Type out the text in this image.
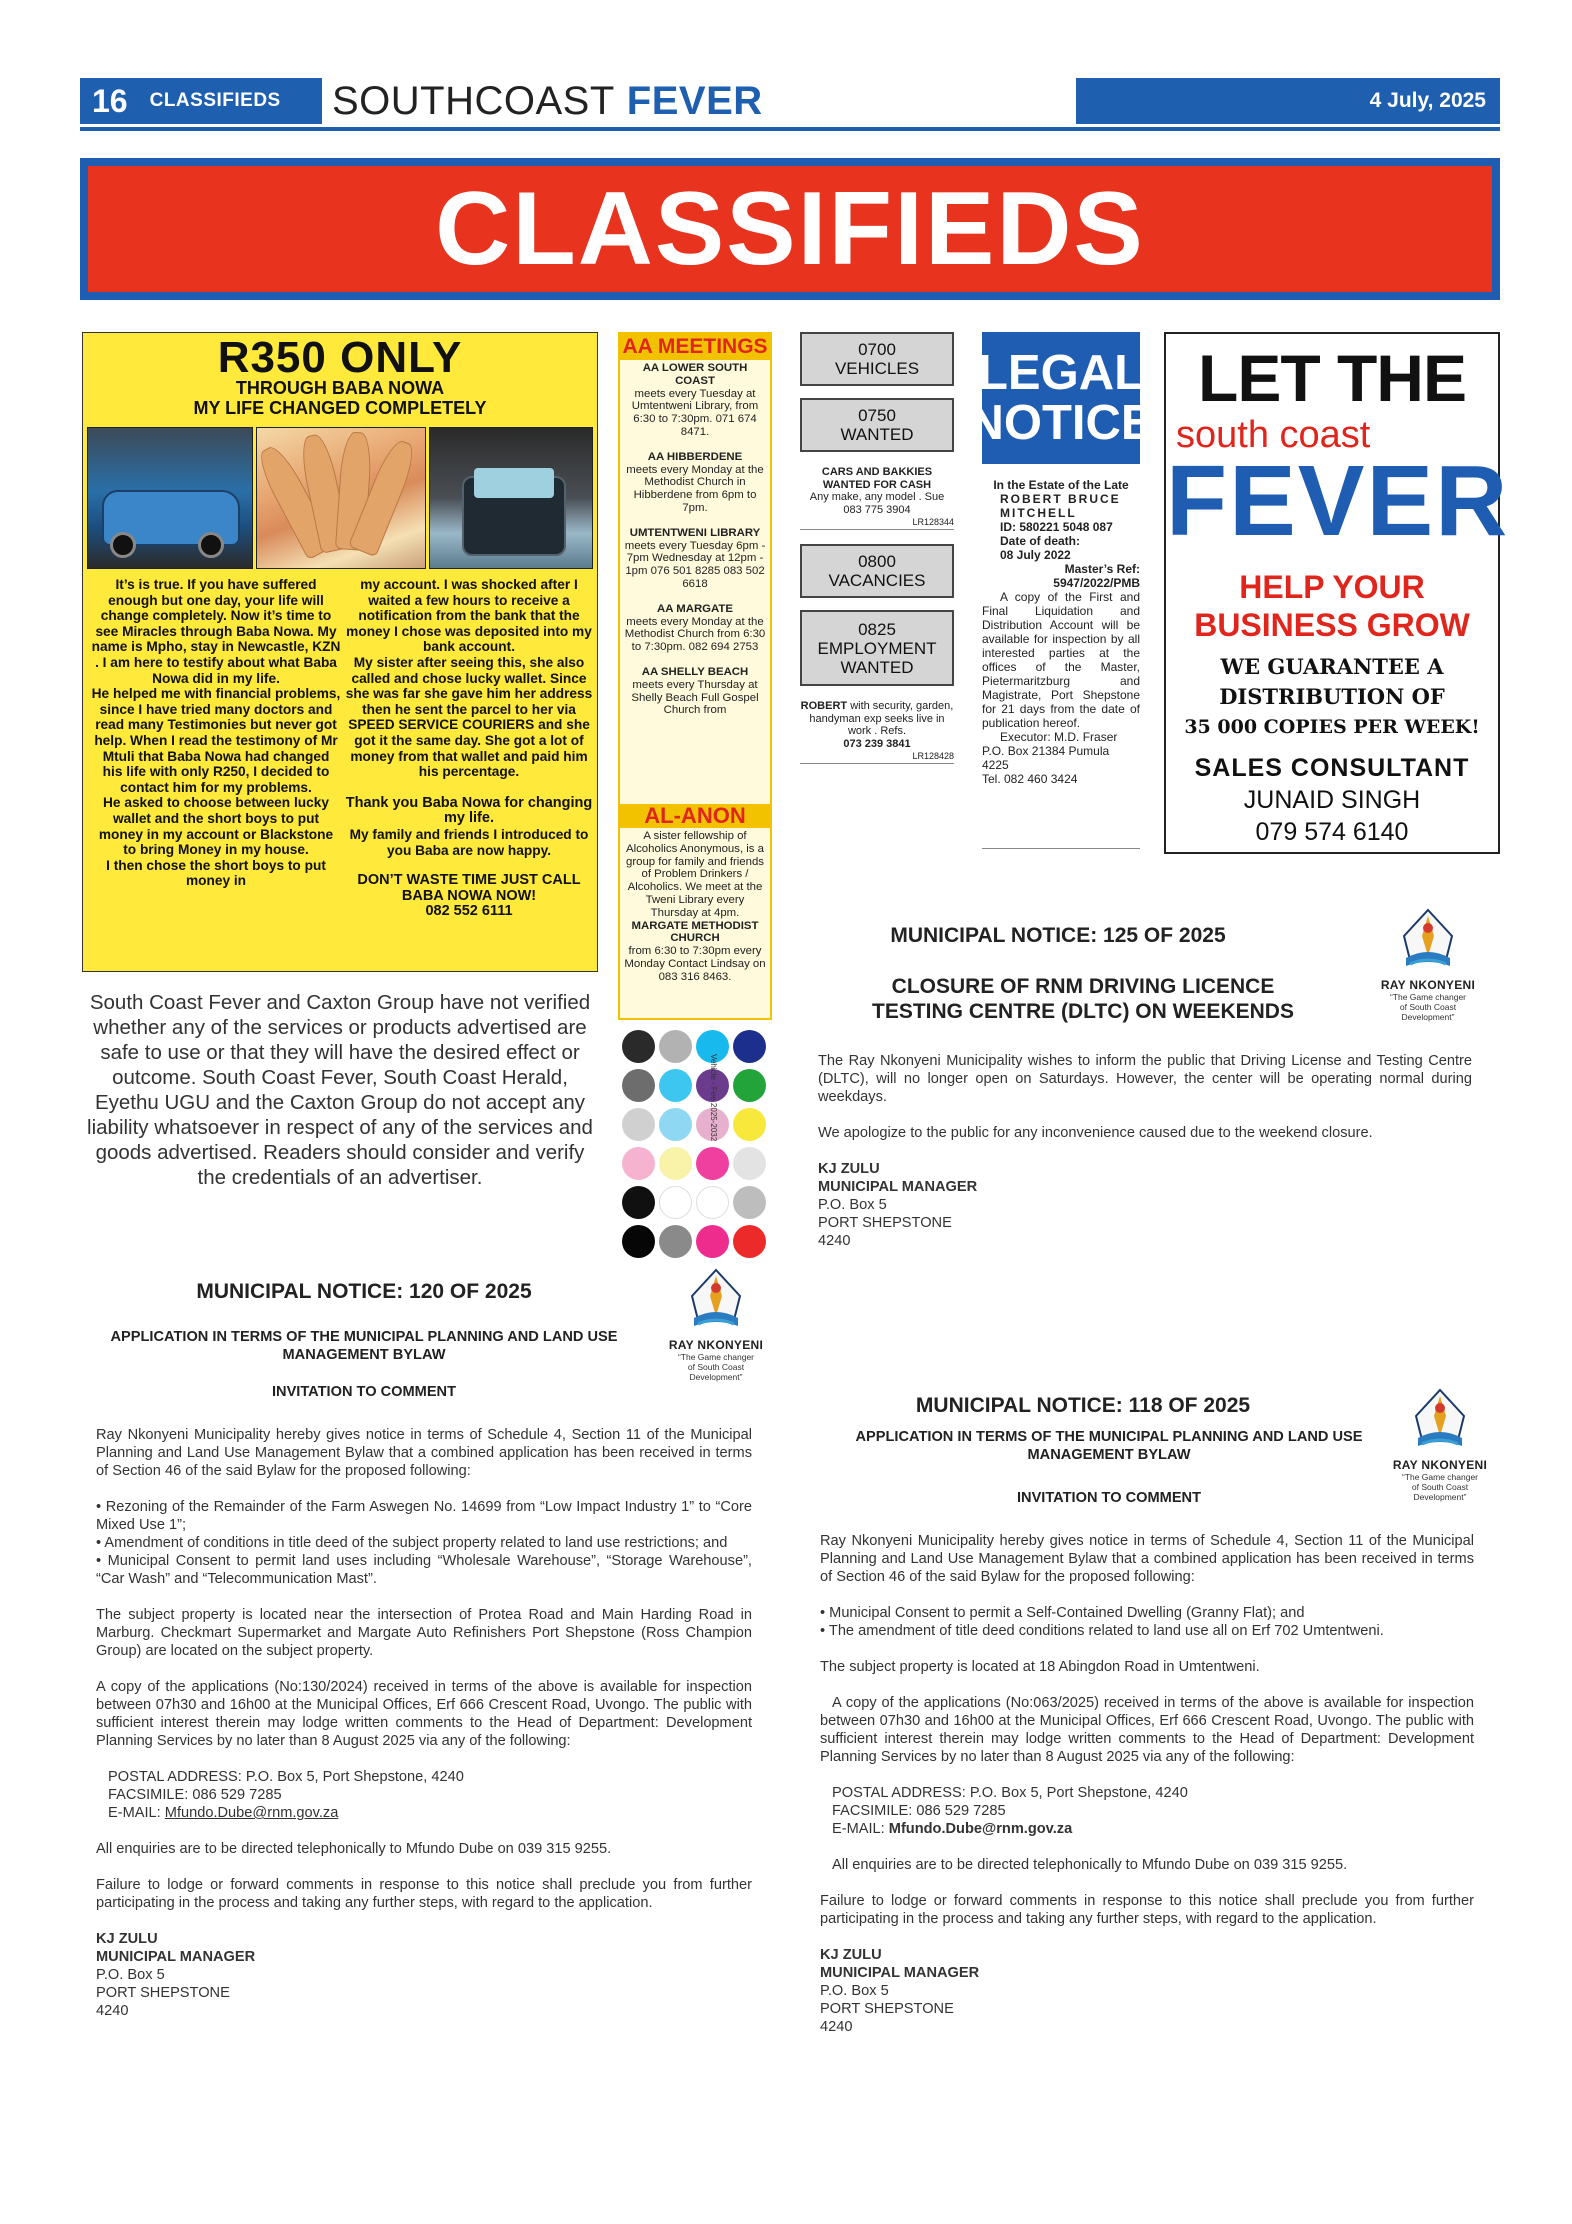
16 CLASSIFIEDS SOUTHCOAST FEVER	4 July, 2025
CLASSIFIEDS
R350 ONLY
THROUGH BABA NOWA
MY LIFE CHANGED COMPLETELY
It’s is true. If you have suffered enough but one day, your life will change completely. Now it’s time to see Miracles through Baba Nowa. My name is Mpho, stay in Newcastle, KZN . I am here to testify about what Baba Nowa did in my life.
He helped me with financial problems, since I have tried many doctors and read many Testimonies but never got help. When I read the testimony of Mr Mtuli that Baba Nowa had changed his life with only R250, I decided to contact him for my problems.
He asked to choose between lucky wallet and the short boys to put money in my account or Blackstone to bring Money in my house.
I then chose the short boys to put money in
my account. I was shocked after I waited a few hours to receive a notification from the bank that the money I chose was deposited into my bank account.
My sister after seeing this, she also called and chose lucky wallet. Since she was far she gave him her address then he sent the parcel to her via SPEED SERVICE COURIERS and she got it the same day. She got a lot of money from that wallet and paid him his percentage.
Thank you Baba Nowa for changing my life.
My family and friends I introduced to you Baba are now happy.
DON’T WASTE TIME JUST CALL BABA NOWA NOW!
082 552 6111
South Coast Fever and Caxton Group have not verified whether any of the services or products advertised are safe to use or that they will have the desired effect or outcome. South Coast Fever, South Coast Herald, Eyethu UGU and the Caxton Group do not accept any liability whatsoever in respect of any of the services and goods advertised. Readers should consider and verify the credentials of an advertiser.
AA MEETINGS
AA LOWER SOUTH COAST
meets every Tuesday at Umtentweni Library, from 6:30 to 7:30pm. 071 674 8471.
AA HIBBERDENE
meets every Monday at the Methodist Church in Hibberdene from 6pm to 7pm.
UMTENTWENI LIBRARY
meets every Tuesday 6pm - 7pm Wednesday at 12pm - 1pm 076 501 8285 083 502 6618
AA MARGATE
meets every Monday at the Methodist Church from 6:30 to 7:30pm. 082 694 2753
AA SHELLY BEACH
meets every Thursday at Shelly Beach Full Gospel Church from
AL-ANON
A sister fellowship of Alcoholics Anonymous, is a group for family and friends of Problem Drinkers / Alcoholics. We meet at the Tweni Library every Thursday at 4pm.
MARGATE METHODIST CHURCH
from 6:30 to 7:30pm every Monday Contact Lindsay on 083 316 8463.
Vehicle - Fee 2025-2032
0700
VEHICLES
0750
WANTED
CARS AND BAKKIES WANTED FOR CASH
Any make, any model . Sue 083 775 3904
LR128344
0800
VACANCIES
0825
EMPLOYMENT
WANTED
ROBERT with security, garden, handyman exp seeks live in work . Refs.
073 239 3841
LR128428
LEGAL
NOTICE
In the Estate of the Late
ROBERT BRUCE MITCHELL
ID: 580221 5048 087
Date of death:
08 July 2022
Master’s Ref:
5947/2022/PMB
A copy of the First and Final Liquidation and Distribution Account will be available for inspection by all interested parties at the offices of the Master, Pietermaritzburg and Magistrate, Port Shepstone for 21 days from the date of publication hereof.
Executor: M.D. Fraser
P.O. Box 21384 Pumula
4225
Tel. 082 460 3424
LET THE
south coast
FEVER
HELP YOUR
BUSINESS GROW
WE GUARANTEE A
DISTRIBUTION OF
35 000 COPIES PER WEEK!
SALES CONSULTANT
JUNAID SINGH
079 574 6140
MUNICIPAL NOTICE: 125 OF 2025
RAY NKONYENI
“The Game changer
of South Coast
Development”
CLOSURE OF RNM DRIVING LICENCE
TESTING CENTRE (DLTC) ON WEEKENDS

The Ray Nkonyeni Municipality wishes to inform the public that Driving License and Testing Centre (DLTC), will no longer open on Saturdays. However, the center will be operating normal during weekdays.

We apologize to the public for any inconvenience caused due to the weekend closure.

KJ ZULU
MUNICIPAL MANAGER
P.O. Box 5
PORT SHEPSTONE
4240
MUNICIPAL NOTICE: 120 OF 2025
RAY NKONYENI
“The Game changer
of South Coast
Development”
APPLICATION IN TERMS OF THE MUNICIPAL PLANNING AND LAND USE MANAGEMENT BYLAW
INVITATION TO COMMENT

Ray Nkonyeni Municipality hereby gives notice in terms of Schedule 4, Section 11 of the Municipal Planning and Land Use Management Bylaw that a combined application has been received in terms of Section 46 of the said Bylaw for the proposed following:

• Rezoning of the Remainder of the Farm Aswegen No. 14699 from “Low Impact Industry 1” to “Core Mixed Use 1”;
• Amendment of conditions in title deed of the subject property related to land use restrictions; and
• Municipal Consent to permit land uses including “Wholesale Warehouse”, “Storage Warehouse”, “Car Wash” and “Telecommunication Mast”.

The subject property is located near the intersection of Protea Road and Main Harding Road in Marburg. Checkmart Supermarket and Margate Auto Refinishers Port Shepstone (Ross Champion Group) are located on the subject property.

A copy of the applications (No:130/2024) received in terms of the above is available for inspection between 07h30 and 16h00 at the Municipal Offices, Erf 666 Crescent Road, Uvongo. The public with sufficient interest therein may lodge written comments to the Head of Department: Development Planning Services by no later than 8 August 2025 via any of the following:

POSTAL ADDRESS: P.O. Box 5, Port Shepstone, 4240
FACSIMILE: 086 529 7285
E-MAIL: Mfundo.Dube@rnm.gov.za

All enquiries are to be directed telephonically to Mfundo Dube on 039 315 9255.

Failure to lodge or forward comments in response to this notice shall preclude you from further participating in the process and taking any further steps, with regard to the application.

KJ ZULU
MUNICIPAL MANAGER
P.O. Box 5
PORT SHEPSTONE
4240
MUNICIPAL NOTICE: 118 OF 2025
RAY NKONYENI
“The Game changer
of South Coast
Development”
APPLICATION IN TERMS OF THE MUNICIPAL PLANNING AND LAND USE MANAGEMENT BYLAW
INVITATION TO COMMENT

Ray Nkonyeni Municipality hereby gives notice in terms of Schedule 4, Section 11 of the Municipal Planning and Land Use Management Bylaw that a combined application has been received in terms of Section 46 of the said Bylaw for the proposed following:

• Municipal Consent to permit a Self-Contained Dwelling (Granny Flat); and
• The amendment of title deed conditions related to land use all on Erf 702 Umtentweni.

The subject property is located at 18 Abingdon Road in Umtentweni.

A copy of the applications (No:063/2025) received in terms of the above is available for inspection between 07h30 and 16h00 at the Municipal Offices, Erf 666 Crescent Road, Uvongo. The public with sufficient interest therein may lodge written comments to the Head of Department: Development Planning Services by no later than 8 August 2025 via any of the following:

POSTAL ADDRESS: P.O. Box 5, Port Shepstone, 4240
FACSIMILE: 086 529 7285
E-MAIL: Mfundo.Dube@rnm.gov.za

All enquiries are to be directed telephonically to Mfundo Dube on 039 315 9255.

Failure to lodge or forward comments in response to this notice shall preclude you from further participating in the process and taking any further steps, with regard to the application.

KJ ZULU
MUNICIPAL MANAGER
P.O. Box 5
PORT SHEPSTONE
4240
